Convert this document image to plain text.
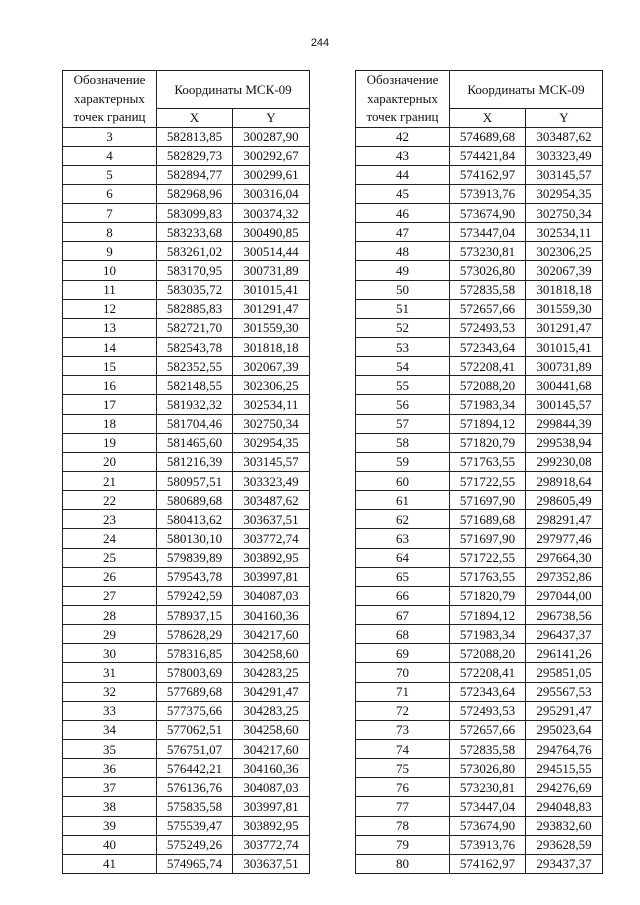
244
Обозначение характерных точек границ	Координаты МСК-09	
	X	Y
3	582813,85	300287,90
4	582829,73	300292,67
5	582894,77	300299,61
6	582968,96	300316,04
7	583099,83	300374,32
8	583233,68	300490,85
9	583261,02	300514,44
10	583170,95	300731,89
11	583035,72	301015,41
12	582885,83	301291,47
13	582721,70	301559,30
14	582543,78	301818,18
15	582352,55	302067,39
16	582148,55	302306,25
17	581932,32	302534,11
18	581704,46	302750,34
19	581465,60	302954,35
20	581216,39	303145,57
21	580957,51	303323,49
22	580689,68	303487,62
23	580413,62	303637,51
24	580130,10	303772,74
25	579839,89	303892,95
26	579543,78	303997,81
27	579242,59	304087,03
28	578937,15	304160,36
29	578628,29	304217,60
30	578316,85	304258,60
31	578003,69	304283,25
32	577689,68	304291,47
33	577375,66	304283,25
34	577062,51	304258,60
35	576751,07	304217,60
36	576442,21	304160,36
37	576136,76	304087,03
38	575835,58	303997,81
39	575539,47	303892,95
40	575249,26	303772,74
41	574965,74	303637,51
Обозначение характерных точек границ	Координаты МСК-09	
	X	Y
42	574689,68	303487,62
43	574421,84	303323,49
44	574162,97	303145,57
45	573913,76	302954,35
46	573674,90	302750,34
47	573447,04	302534,11
48	573230,81	302306,25
49	573026,80	302067,39
50	572835,58	301818,18
51	572657,66	301559,30
52	572493,53	301291,47
53	572343,64	301015,41
54	572208,41	300731,89
55	572088,20	300441,68
56	571983,34	300145,57
57	571894,12	299844,39
58	571820,79	299538,94
59	571763,55	299230,08
60	571722,55	298918,64
61	571697,90	298605,49
62	571689,68	298291,47
63	571697,90	297977,46
64	571722,55	297664,30
65	571763,55	297352,86
66	571820,79	297044,00
67	571894,12	296738,56
68	571983,34	296437,37
69	572088,20	296141,26
70	572208,41	295851,05
71	572343,64	295567,53
72	572493,53	295291,47
73	572657,66	295023,64
74	572835,58	294764,76
75	573026,80	294515,55
76	573230,81	294276,69
77	573447,04	294048,83
78	573674,90	293832,60
79	573913,76	293628,59
80	574162,97	293437,37
